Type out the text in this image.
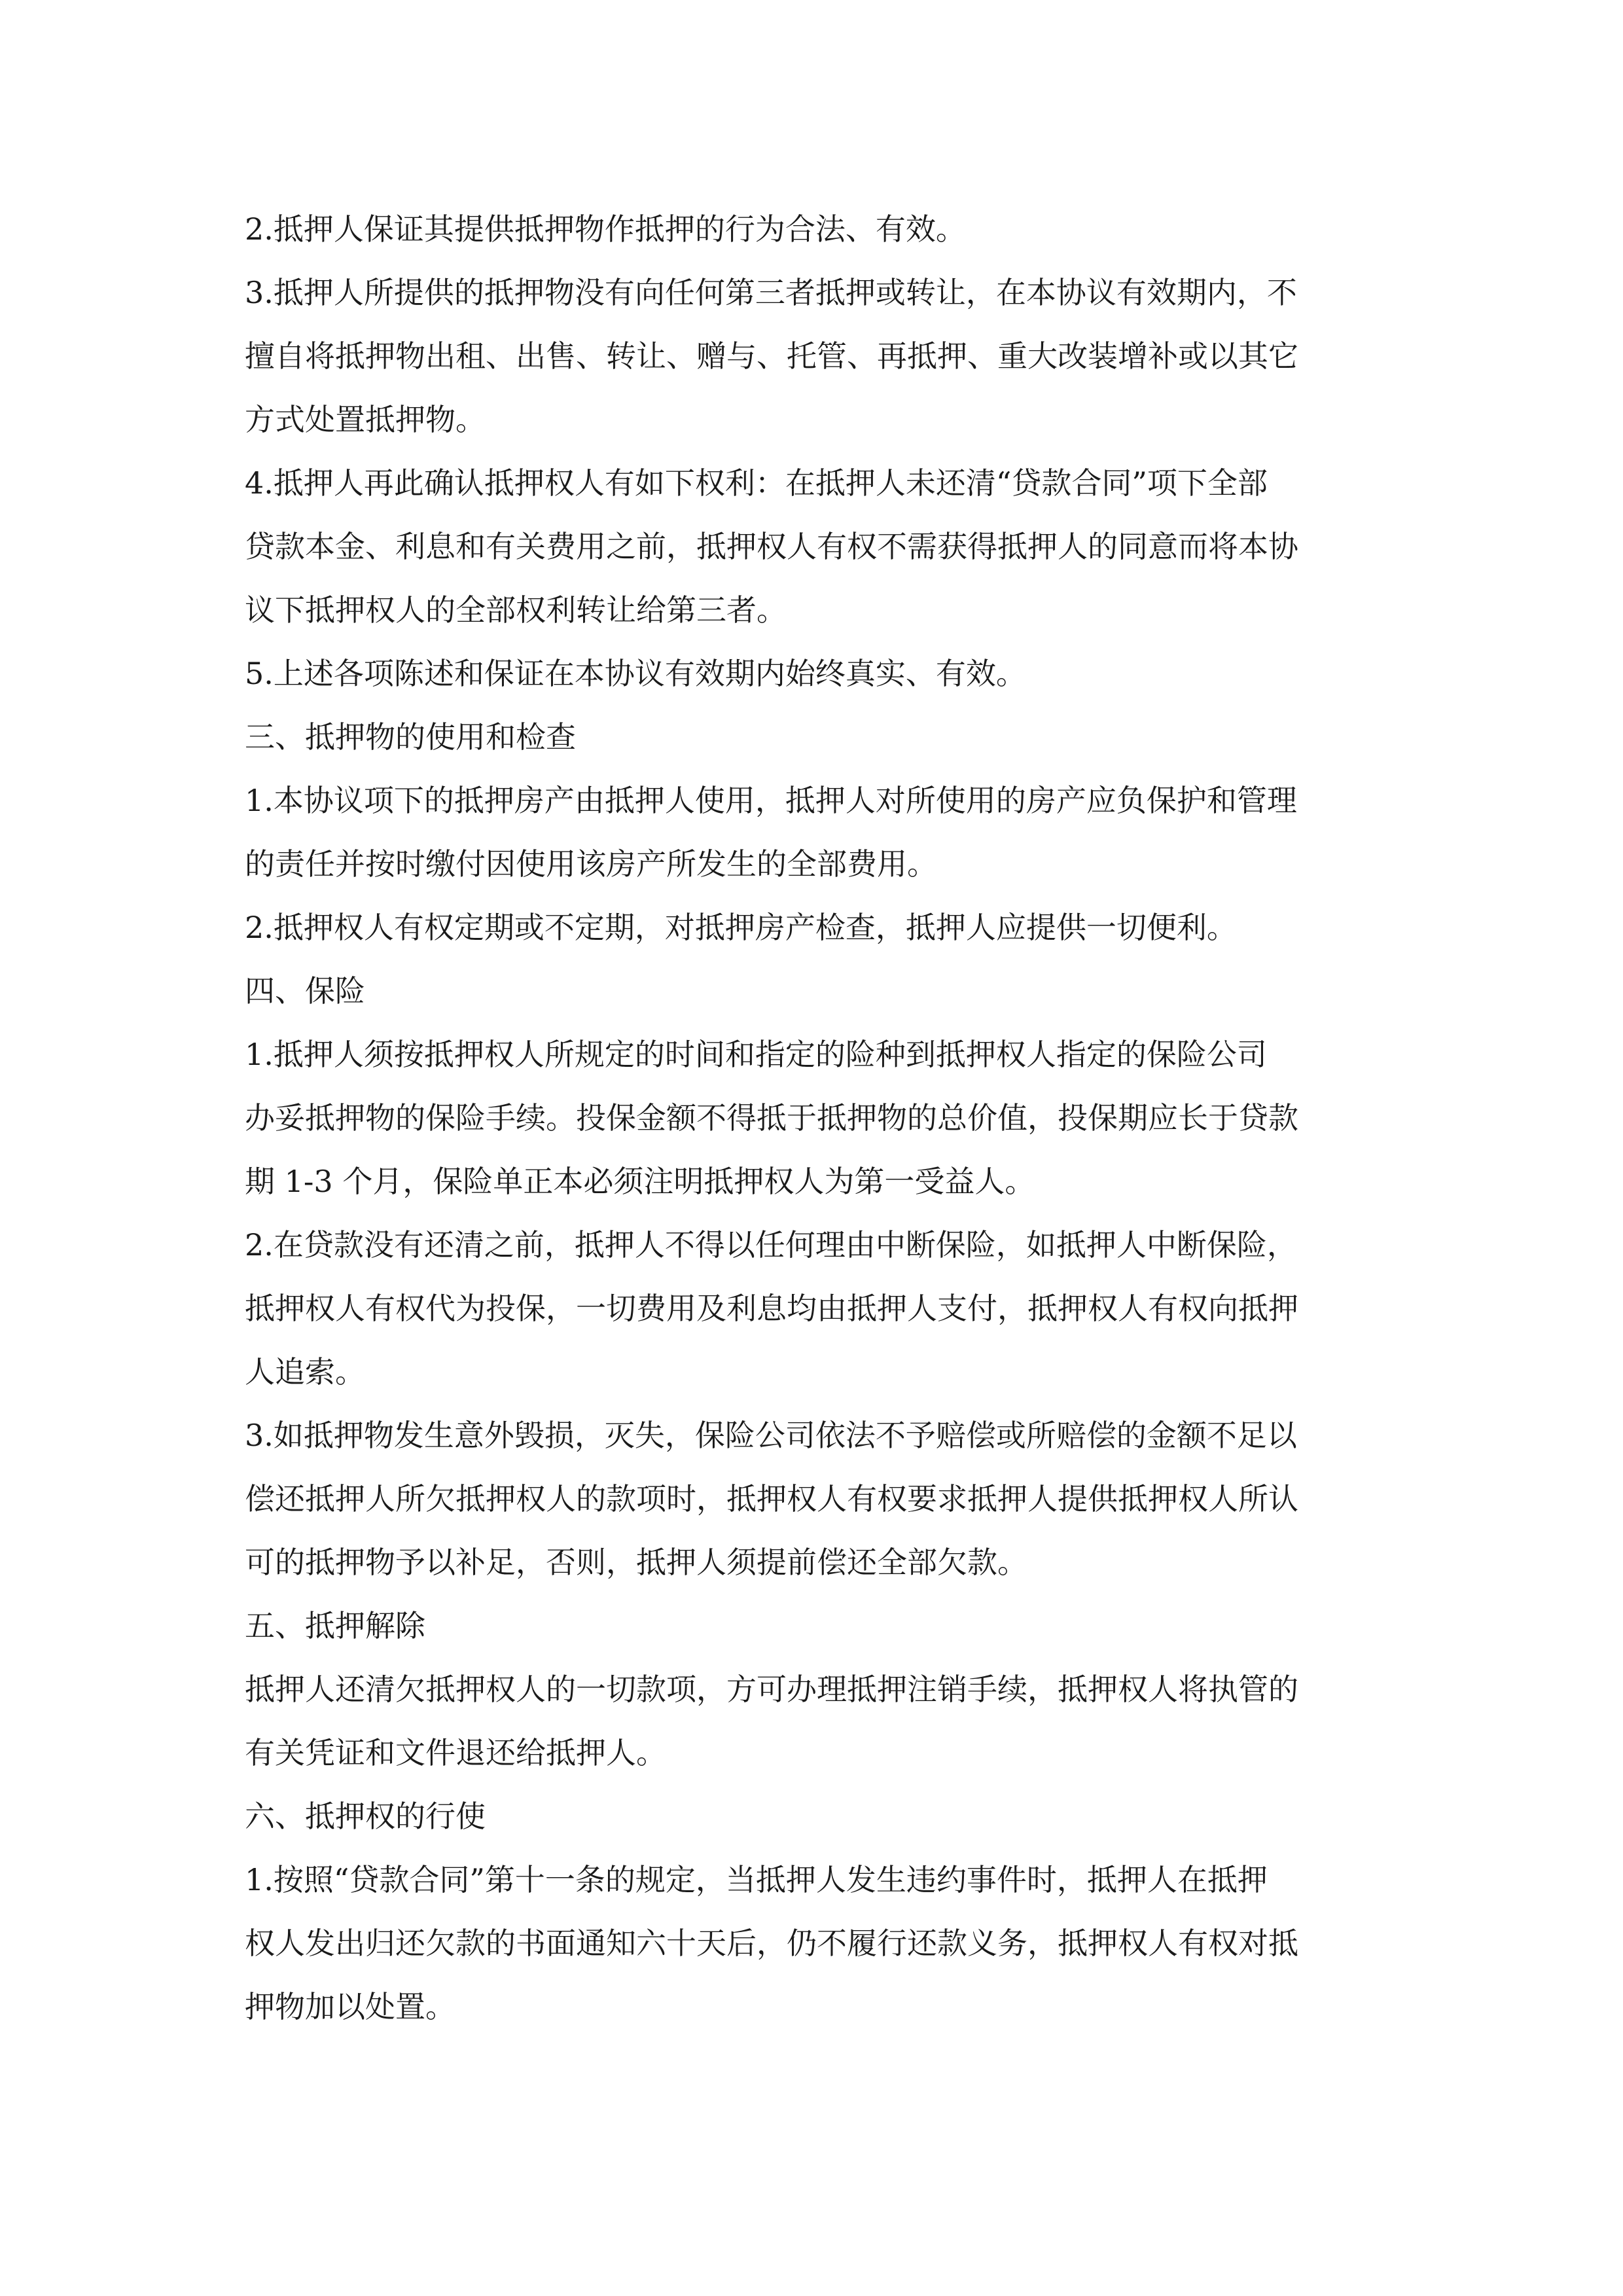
2.抵押人保证其提供抵押物作抵押的行为合法、有效。

3.抵押人所提供的抵押物没有向任何第三者抵押或转让，在本协议有效期内，不

擅自将抵押物出租、出售、转让、赠与、托管、再抵押、重大改装增补或以其它

方式处置抵押物。

4.抵押人再此确认抵押权人有如下权利：在抵押人未还清“贷款合同”项下全部

贷款本金、利息和有关费用之前，抵押权人有权不需获得抵押人的同意而将本协

议下抵押权人的全部权利转让给第三者。

5.上述各项陈述和保证在本协议有效期内始终真实、有效。

三、抵押物的使用和检查

1.本协议项下的抵押房产由抵押人使用，抵押人对所使用的房产应负保护和管理

的责任并按时缴付因使用该房产所发生的全部费用。

2.抵押权人有权定期或不定期，对抵押房产检查，抵押人应提供一切便利。

四、保险

1.抵押人须按抵押权人所规定的时间和指定的险种到抵押权人指定的保险公司

办妥抵押物的保险手续。投保金额不得抵于抵押物的总价值，投保期应长于贷款

期 1-3 个月，保险单正本必须注明抵押权人为第一受益人。

2.在贷款没有还清之前，抵押人不得以任何理由中断保险，如抵押人中断保险，

抵押权人有权代为投保，一切费用及利息均由抵押人支付，抵押权人有权向抵押

人追索。

3.如抵押物发生意外毁损，灭失，保险公司依法不予赔偿或所赔偿的金额不足以

偿还抵押人所欠抵押权人的款项时，抵押权人有权要求抵押人提供抵押权人所认

可的抵押物予以补足，否则，抵押人须提前偿还全部欠款。

五、抵押解除

抵押人还清欠抵押权人的一切款项，方可办理抵押注销手续，抵押权人将执管的

有关凭证和文件退还给抵押人。

六、抵押权的行使

1.按照“贷款合同”第十一条的规定，当抵押人发生违约事件时，抵押人在抵押

权人发出归还欠款的书面通知六十天后，仍不履行还款义务，抵押权人有权对抵

押物加以处置。
